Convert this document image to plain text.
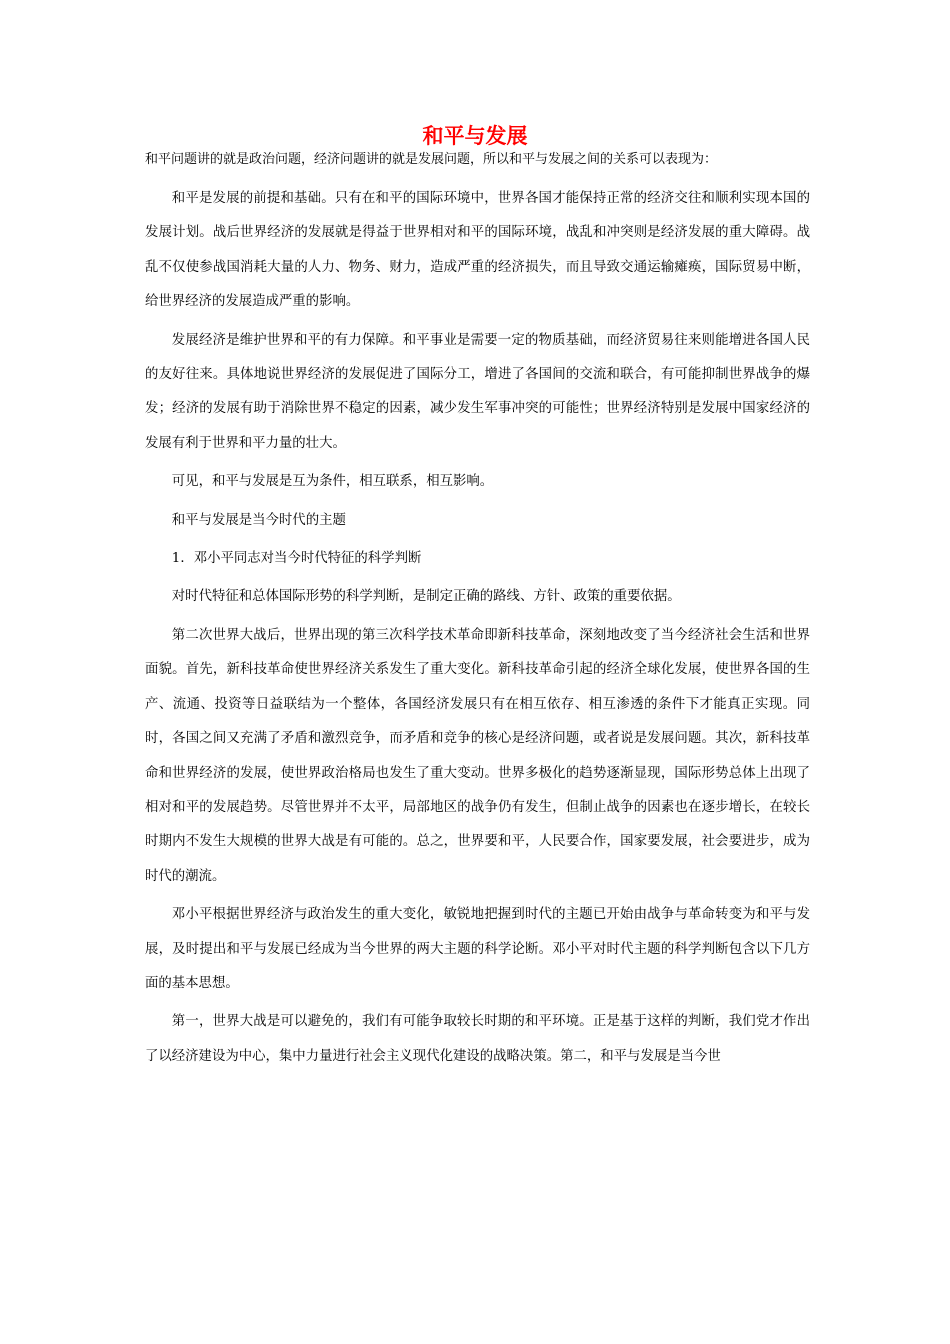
和平与发展
和平问题讲的就是政治问题，经济问题讲的就是发展问题，所以和平与发展之间的关系可以表现为：

和平是发展的前提和基础。只有在和平的国际环境中，世界各国才能保持正常的经济交往和顺利实现本国的发展计划。战后世界经济的发展就是得益于世界相对和平的国际环境，战乱和冲突则是经济发展的重大障碍。战乱不仅使参战国消耗大量的人力、物务、财力，造成严重的经济损失，而且导致交通运输瘫痪，国际贸易中断，给世界经济的发展造成严重的影响。

发展经济是维护世界和平的有力保障。和平事业是需要一定的物质基础，而经济贸易往来则能增进各国人民的友好往来。具体地说世界经济的发展促进了国际分工，增进了各国间的交流和联合，有可能抑制世界战争的爆发；经济的发展有助于消除世界不稳定的因素，减少发生军事冲突的可能性；世界经济特别是发展中国家经济的发展有利于世界和平力量的壮大。

可见，和平与发展是互为条件，相互联系，相互影响。

和平与发展是当今时代的主题

1．邓小平同志对当今时代特征的科学判断

对时代特征和总体国际形势的科学判断，是制定正确的路线、方针、政策的重要依据。

第二次世界大战后，世界出现的第三次科学技术革命即新科技革命，深刻地改变了当今经济社会生活和世界面貌。首先，新科技革命使世界经济关系发生了重大变化。新科技革命引起的经济全球化发展，使世界各国的生产、流通、投资等日益联结为一个整体，各国经济发展只有在相互依存、相互渗透的条件下才能真正实现。同时，各国之间又充满了矛盾和激烈竞争，而矛盾和竞争的核心是经济问题，或者说是发展问题。其次，新科技革命和世界经济的发展，使世界政治格局也发生了重大变动。世界多极化的趋势逐渐显现，国际形势总体上出现了相对和平的发展趋势。尽管世界并不太平，局部地区的战争仍有发生，但制止战争的因素也在逐步增长，在较长时期内不发生大规模的世界大战是有可能的。总之，世界要和平，人民要合作，国家要发展，社会要进步，成为时代的潮流。

邓小平根据世界经济与政治发生的重大变化，敏锐地把握到时代的主题已开始由战争与革命转变为和平与发展，及时提出和平与发展已经成为当今世界的两大主题的科学论断。邓小平对时代主题的科学判断包含以下几方面的基本思想。

第一，世界大战是可以避免的，我们有可能争取较长时期的和平环境。正是基于这样的判断，我们党才作出了以经济建设为中心，集中力量进行社会主义现代化建设的战略决策。第二，和平与发展是当今世
